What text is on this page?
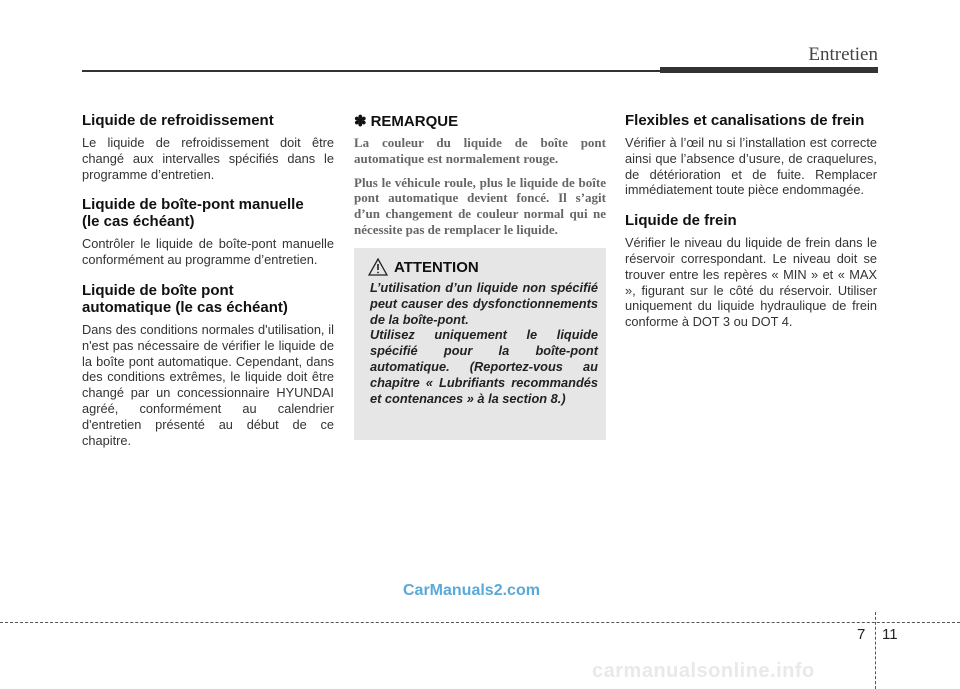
Entretien
Liquide de refroidissement

Le liquide de refroidissement doit être changé aux intervalles spécifiés dans le programme d’entretien.

Liquide de boîte-pont manuelle
(le cas échéant)

Contrôler le liquide de boîte-pont manuelle conformément au programme d’entretien.

Liquide de boîte pont
automatique (le cas échéant)

Dans des conditions normales d'utilisation, il n'est pas nécessaire de vérifier le liquide de la boîte pont automatique. Cependant, dans des conditions extrêmes, le liquide doit être changé par un concessionnaire HYUNDAI agréé, conformément au calendrier d'entretien présenté au début de ce chapitre.

✽ REMARQUE

La couleur du liquide de boîte pont automatique est normalement rouge.

Plus le véhicule roule, plus le liquide de boîte pont automatique devient foncé. Il s’agit d’un changement de couleur normal qui ne nécessite pas de remplacer le liquide.

ATTENTION

L’utilisation d’un liquide non spécifié peut causer des dysfonctionnements de la boîte-pont.

Utilisez uniquement le liquide spécifié pour la boîte-pont automatique. (Reportez-vous au chapitre « Lubrifiants recommandés et contenances » à la section 8.)

Flexibles et canalisations de frein

Vérifier à l’œil nu si l’installation est correcte ainsi que l’absence d’usure, de craquelures, de détérioration et de fuite. Remplacer immédiatement toute pièce endommagée.

Liquide de frein

Vérifier le niveau du liquide de frein dans le réservoir correspondant. Le niveau doit se trouver entre les repères « MIN » et « MAX », figurant sur le côté du réservoir. Utiliser uniquement du liquide hydraulique de frein conforme à DOT 3 ou DOT 4.

CarManuals2.com
7 11
carmanualsonline.info
